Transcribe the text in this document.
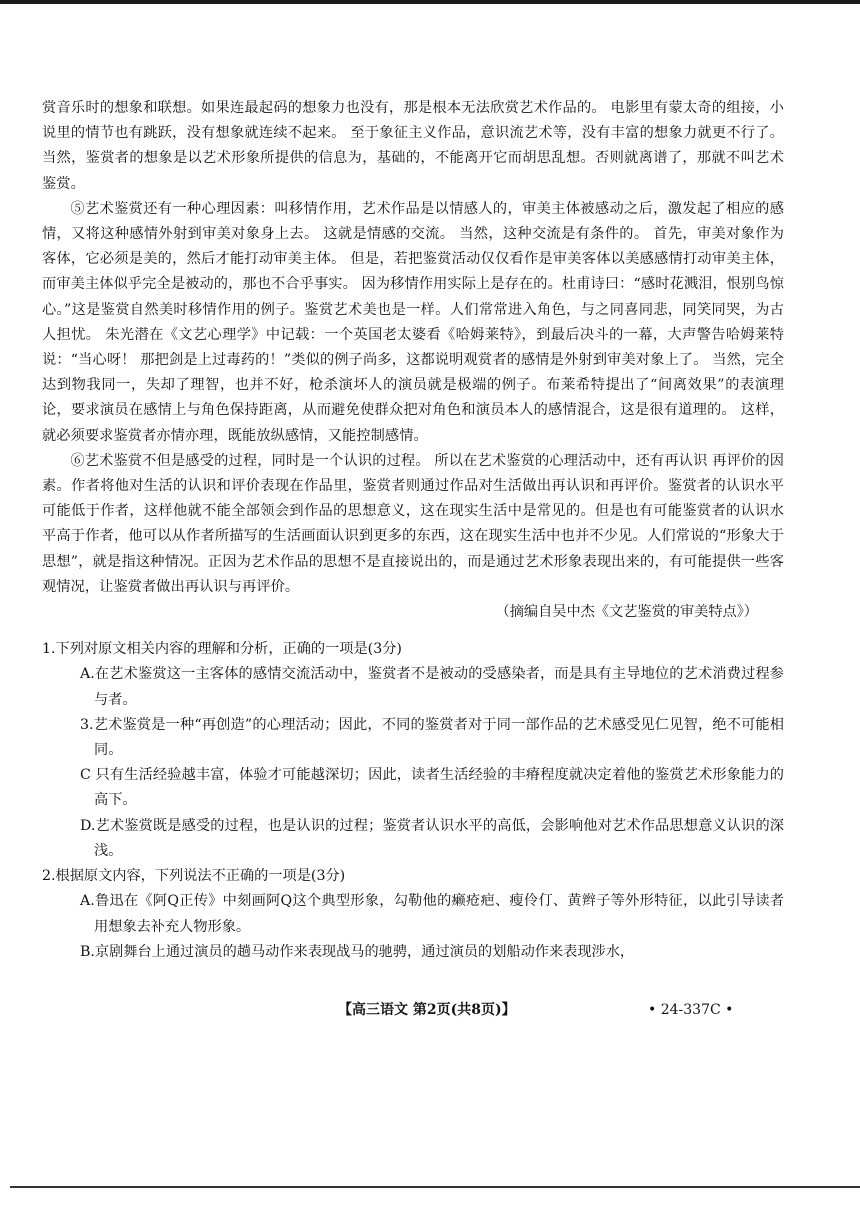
赏音乐时的想象和联想。如果连最起码的想象力也没有，那是根本无法欣赏艺术作品的。 电影里有蒙太奇的组接，小说里的情节也有跳跃，没有想象就连续不起来。 至于象征主义作品，意识流艺术等，没有丰富的想象力就更不行了。 当然，鉴赏者的想象是以艺术形象所提供的信息为，基础的，不能离开它而胡思乱想。否则就离谱了，那就不叫艺术鉴赏。

⑤艺术鉴赏还有一种心理因素：叫移情作用，艺术作品是以情感人的，审美主体被感动之后，激发起了相应的感情，又将这种感情外射到审美对象身上去。 这就是情感的交流。 当然，这种交流是有条件的。 首先，审美对象作为客体，它必须是美的，然后才能打动审美主体。 但是，若把鉴赏活动仅仅看作是审美客体以美感感情打动审美主体，而审美主体似乎完全是被动的，那也不合乎事实。 因为移情作用实际上是存在的。杜甫诗曰：“感时花溅泪，恨别鸟惊心。”这是鉴赏自然美时移情作用的例子。鉴赏艺术美也是一样。人们常常进入角色，与之同喜同悲，同笑同哭，为古人担忧。 朱光潜在《文艺心理学》中记载：一个英国老太婆看《哈姆莱特》，到最后决斗的一幕，大声警告哈姆莱特说：“当心呀！ 那把剑是上过毒药的！”类似的例子尚多，这都说明观赏者的感情是外射到审美对象上了。 当然，完全达到物我同一，失却了理智，也并不好，枪杀演坏人的演员就是极端的例子。布莱希特提出了“间离效果”的表演理论，要求演员在感情上与角色保持距离，从而避免使群众把对角色和演员本人的感情混合，这是很有道理的。 这样，就必须要求鉴赏者亦情亦理，既能放纵感情，又能控制感情。

⑥艺术鉴赏不但是感受的过程，同时是一个认识的过程。 所以在艺术鉴赏的心理活动中，还有再认识 再评价的因素。作者将他对生活的认识和评价表现在作品里，鉴赏者则通过作品对生活做出再认识和再评价。鉴赏者的认识水平可能低于作者，这样他就不能全部领会到作品的思想意义，这在现实生活中是常见的。但是也有可能鉴赏者的认识水平高于作者，他可以从作者所描写的生活画面认识到更多的东西，这在现实生活中也并不少见。人们常说的“形象大于思想”，就是指这种情况。正因为艺术作品的思想不是直接说出的，而是通过艺术形象表现出来的，有可能提供一些客观情况，让鉴赏者做出再认识与再评价。

（摘编自吴中杰《文艺鉴赏的审美特点》）

1.下列对原文相关内容的理解和分析，正确的一项是(3分)

A.在艺术鉴赏这一主客体的感情交流活动中，鉴赏者不是被动的受感染者，而是具有主导地位的艺术消费过程参与者。
3.艺术鉴赏是一种“再创造”的心理活动；因此，不同的鉴赏者对于同一部作品的艺术感受见仁见智，绝不可能相同。
C 只有生活经验越丰富，体验才可能越深切；因此，读者生活经验的丰瘠程度就决定着他的鉴赏艺术形象能力的高下。
D.艺术鉴赏既是感受的过程，也是认识的过程；鉴赏者认识水平的高低，会影响他对艺术作品思想意义认识的深浅。

2.根据原文内容，下列说法不正确的一项是(3分)

A.鲁迅在《阿Q正传》中刻画阿Q这个典型形象，勾勒他的癞疮疤、瘦伶仃、黄辫子等外形特征，以此引导读者用想象去补充人物形象。
B.京剧舞台上通过演员的趟马动作来表现战马的驰骋，通过演员的划船动作来表现涉水，
【高三语文 第2页(共8页)】	• 24-337C •
